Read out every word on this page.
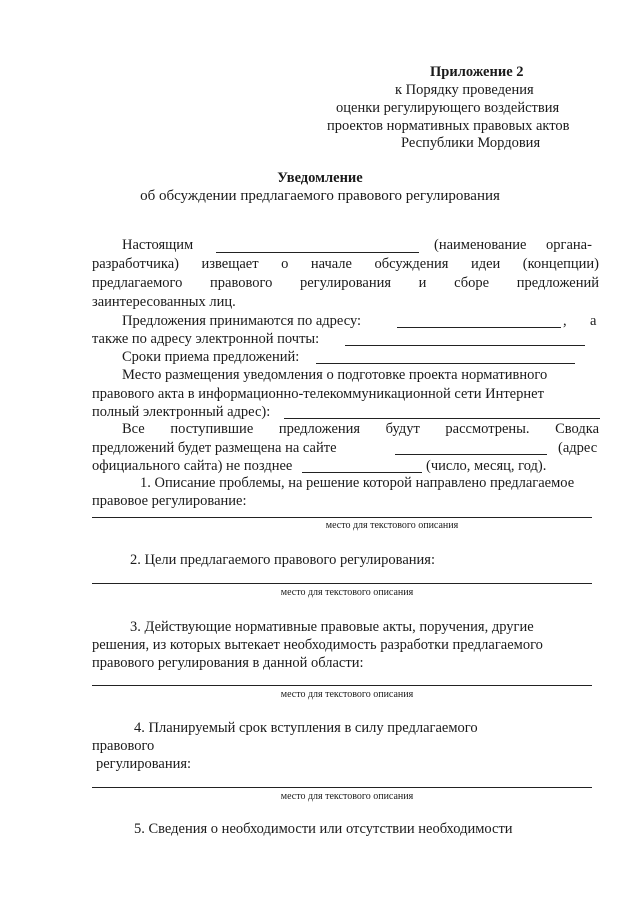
Приложение 2
к Порядку проведения
оценки регулирующего воздействия
проектов нормативных правовых актов
Республики Мордовия
Уведомление
об обсуждении предлагаемого правового регулирования
Настоящим	(наименование органа-
разработчика) извещает о начале обсуждения идеи (концепции)
предлагаемого правового регулирования и сборе предложений
заинтересованных лиц.
Предложения принимаются по адресу:	, а
также по адресу электронной почты:
Сроки приема предложений:
Место размещения уведомления о подготовке проекта нормативного
правового акта в информационно-телекоммуникационной сети Интернет
полный электронный адрес):
Все поступившие предложения будут рассмотрены. Сводка
предложений будет размещена на сайте	(адрес
официального сайта) не позднее	(число, месяц, год).
1. Описание проблемы, на решение которой направлено предлагаемое
правовое регулирование:
место для текстового описания
2. Цели предлагаемого правового регулирования:
место для текстового описания
3. Действующие нормативные правовые акты, поручения, другие
решения, из которых вытекает необходимость разработки предлагаемого
правового регулирования в данной области:
место для текстового описания
4. Планируемый срок вступления в силу предлагаемого
правового
регулирования:
место для текстового описания
5. Сведения о необходимости или отсутствии необходимости
